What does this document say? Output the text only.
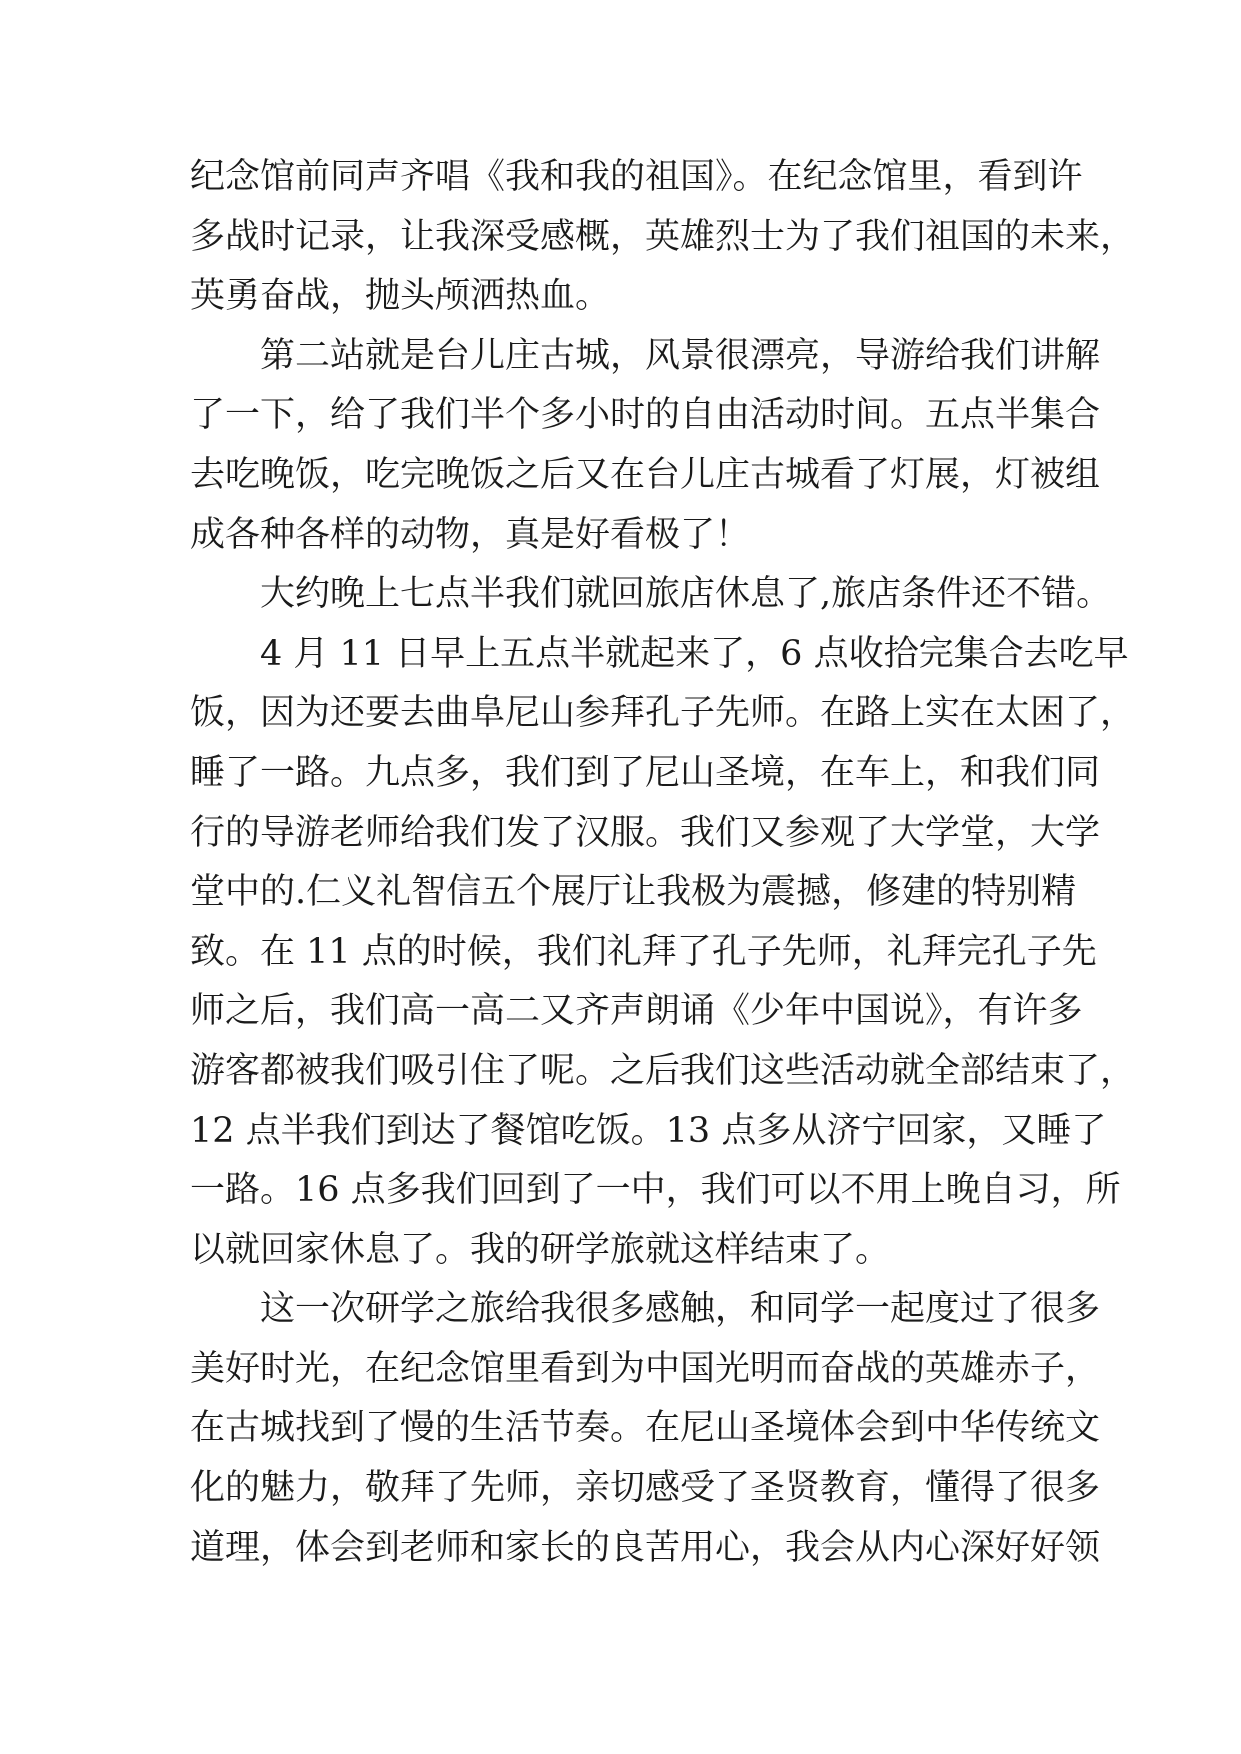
纪念馆前同声齐唱《我和我的祖国》。在纪念馆里，看到许
多战时记录，让我深受感概，英雄烈士为了我们祖国的未来，
英勇奋战，抛头颅洒热血。
第二站就是台儿庄古城，风景很漂亮，导游给我们讲解
了一下，给了我们半个多小时的自由活动时间。五点半集合
去吃晚饭，吃完晚饭之后又在台儿庄古城看了灯展，灯被组
成各种各样的动物，真是好看极了！
大约晚上七点半我们就回旅店休息了,旅店条件还不错。
4 月 11 日早上五点半就起来了，6 点收拾完集合去吃早
饭，因为还要去曲阜尼山参拜孔子先师。在路上实在太困了，
睡了一路。九点多，我们到了尼山圣境，在车上，和我们同
行的导游老师给我们发了汉服。我们又参观了大学堂，大学
堂中的.仁义礼智信五个展厅让我极为震撼，修建的特别精
致。在 11 点的时候，我们礼拜了孔子先师，礼拜完孔子先
师之后，我们高一高二又齐声朗诵《少年中国说》，有许多
游客都被我们吸引住了呢。之后我们这些活动就全部结束了，
12 点半我们到达了餐馆吃饭。13 点多从济宁回家，又睡了
一路。16 点多我们回到了一中，我们可以不用上晚自习，所
以就回家休息了。我的研学旅就这样结束了。
这一次研学之旅给我很多感触，和同学一起度过了很多
美好时光，在纪念馆里看到为中国光明而奋战的英雄赤子，
在古城找到了慢的生活节奏。在尼山圣境体会到中华传统文
化的魅力，敬拜了先师，亲切感受了圣贤教育，懂得了很多
道理，体会到老师和家长的良苦用心，我会从内心深好好领
